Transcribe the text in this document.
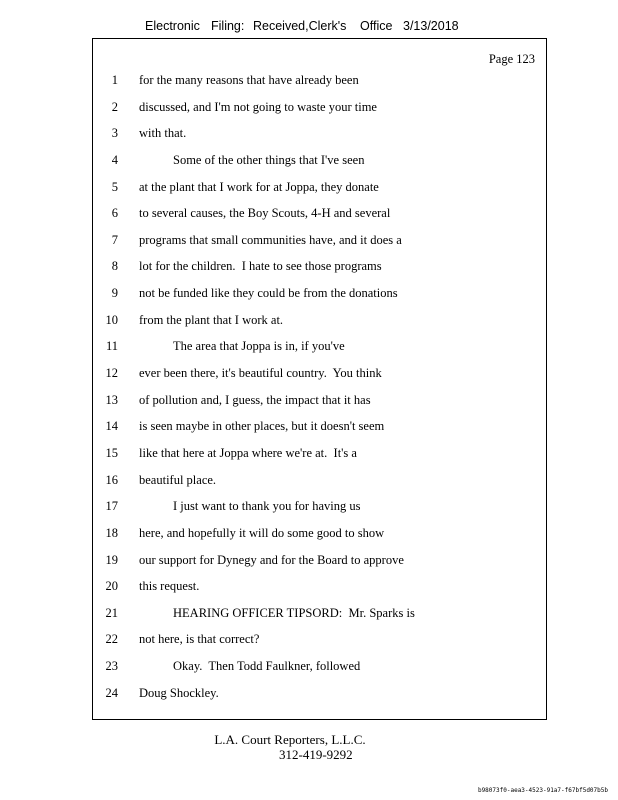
Electronic Filing: Received,Clerk's Office 3/13/2018
Page 123
1 for the many reasons that have already been
2 discussed, and I'm not going to waste your time
3 with that.
4	Some of the other things that I've seen
5 at the plant that I work for at Joppa, they donate
6 to several causes, the Boy Scouts, 4-H and several
7 programs that small communities have, and it does a
8 lot for the children.  I hate to see those programs
9 not be funded like they could be from the donations
10 from the plant that I work at.
11	The area that Joppa is in, if you've
12 ever been there, it's beautiful country.  You think
13 of pollution and, I guess, the impact that it has
14 is seen maybe in other places, but it doesn't seem
15 like that here at Joppa where we're at.  It's a
16 beautiful place.
17	I just want to thank you for having us
18 here, and hopefully it will do some good to show
19 our support for Dynegy and for the Board to approve
20 this request.
21	HEARING OFFICER TIPSORD:  Mr. Sparks is
22 not here, is that correct?
23	Okay.  Then Todd Faulkner, followed
24 Doug Shockley.
L.A. Court Reporters, L.L.C.
312-419-9292
b98073f0-aea3-4523-91a7-f67bf5d07b5b
